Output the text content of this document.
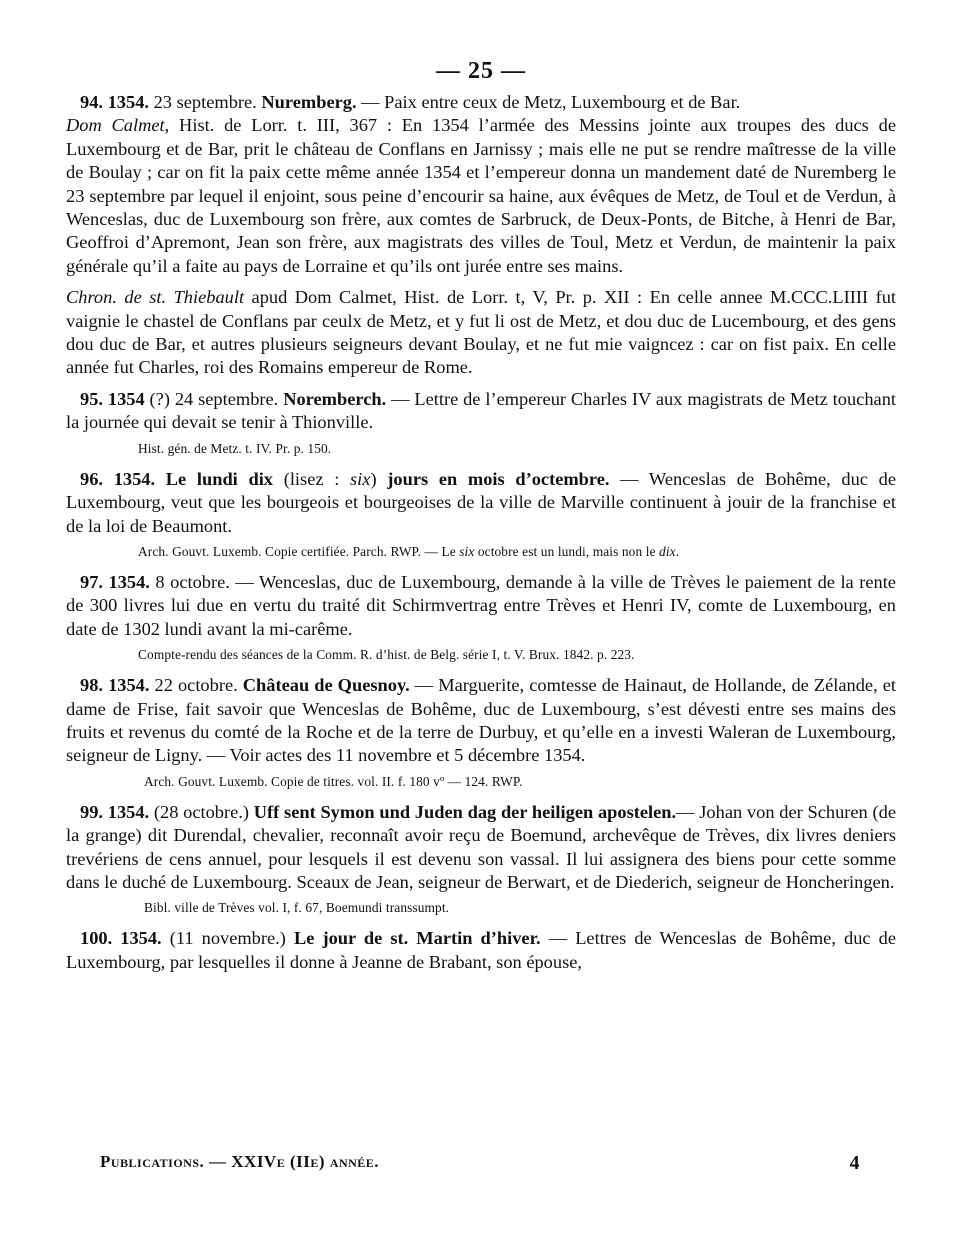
— 25 —

94. 1354. 23 septembre. Nuremberg. — Paix entre ceux de Metz, Luxembourg et de Bar.

Dom Calmet, Hist. de Lorr. t. III, 367 : En 1354 l’armée des Messins jointe aux troupes des ducs de Luxembourg et de Bar, prit le château de Conflans en Jarnissy ; mais elle ne put se rendre maîtresse de la ville de Boulay ; car on fit la paix cette même année 1354 et l’empereur donna un mandement daté de Nuremberg le 23 septembre par lequel il enjoint, sous peine d’encourir sa haine, aux évêques de Metz, de Toul et de Verdun, à Wenceslas, duc de Luxembourg son frère, aux comtes de Sarbruck, de Deux-Ponts, de Bitche, à Henri de Bar, Geoffroi d’Apremont, Jean son frère, aux magistrats des villes de Toul, Metz et Verdun, de maintenir la paix générale qu’il a faite au pays de Lorraine et qu’ils ont jurée entre ses mains.

Chron. de st. Thiebault apud Dom Calmet, Hist. de Lorr. t, V, Pr. p. XII : En celle annee M.CCC.LIIII fut vaignie le chastel de Conflans par ceulx de Metz, et y fut li ost de Metz, et dou duc de Lucembourg, et des gens dou duc de Bar, et autres plusieurs seigneurs devant Boulay, et ne fut mie vaigncez : car on fist paix. En celle année fut Charles, roi des Romains empereur de Rome.

95. 1354 (?) 24 septembre. Noremberch. — Lettre de l’empereur Charles IV aux magistrats de Metz touchant la journée qui devait se tenir à Thionville.

Hist. gén. de Metz. t. IV. Pr. p. 150.

96. 1354. Le lundi dix (lisez : six) jours en mois d’octembre. — Wenceslas de Bohême, duc de Luxembourg, veut que les bourgeois et bourgeoises de la ville de Marville continuent à jouir de la franchise et de la loi de Beaumont.

Arch. Gouvt. Luxemb. Copie certifiée. Parch. RWP. — Le six octobre est un lundi, mais non le dix.

97. 1354. 8 octobre. — Wenceslas, duc de Luxembourg, demande à la ville de Trèves le paiement de la rente de 300 livres lui due en vertu du traité dit Schirmvertrag entre Trèves et Henri IV, comte de Luxembourg, en date de 1302 lundi avant la mi-carême.

Compte-rendu des séances de la Comm. R. d’hist. de Belg. série I, t. V. Brux. 1842. p. 223.

98. 1354. 22 octobre. Château de Quesnoy. — Marguerite, comtesse de Hainaut, de Hollande, de Zélande, et dame de Frise, fait savoir que Wenceslas de Bohême, duc de Luxembourg, s’est dévesti entre ses mains des fruits et revenus du comté de la Roche et de la terre de Durbuy, et qu’elle en a investi Waleran de Luxembourg, seigneur de Ligny. — Voir actes des 11 novembre et 5 décembre 1354.

Arch. Gouvt. Luxemb. Copie de titres. vol. II. f. 180 vº — 124. RWP.

99. 1354. (28 octobre.) Uff sent Symon und Juden dag der heiligen apostelen.— Johan von der Schuren (de la grange) dit Durendal, chevalier, reconnaît avoir reçu de Boemund, archevêque de Trèves, dix livres deniers trevériens de cens annuel, pour lesquels il est devenu son vassal. Il lui assignera des biens pour cette somme dans le duché de Luxembourg. Sceaux de Jean, seigneur de Berwart, et de Diederich, seigneur de Honcheringen.

Bibl. ville de Trèves vol. I, f. 67, Boemundi transsumpt.

100. 1354. (11 novembre.) Le jour de st. Martin d’hiver. — Lettres de Wenceslas de Bohême, duc de Luxembourg, par lesquelles il donne à Jeanne de Brabant, son épouse,

Publications. — XXIVe (IIe) année.	4
